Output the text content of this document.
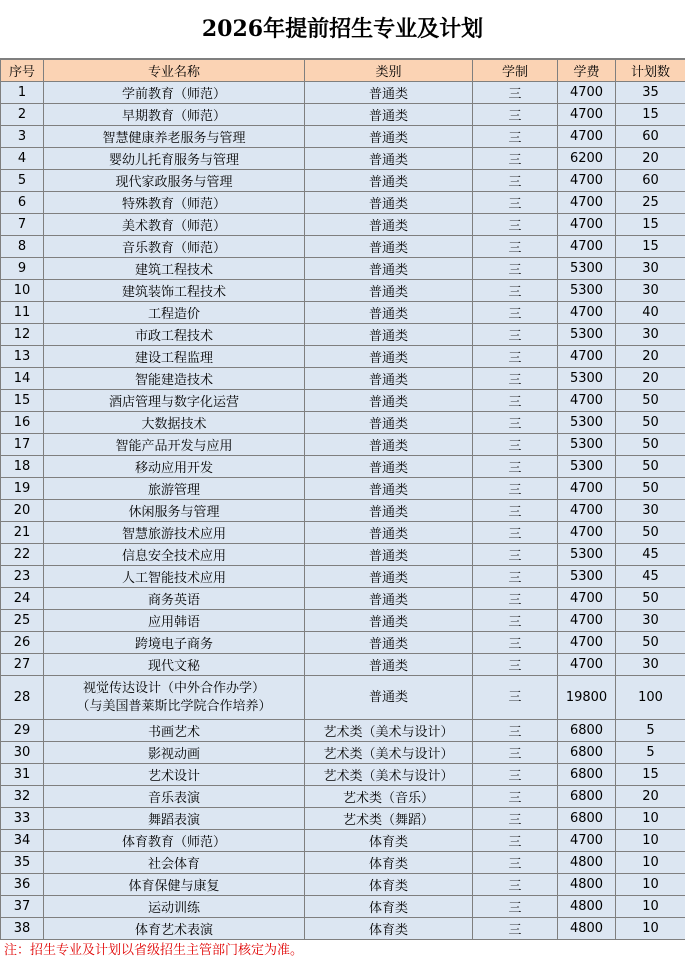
2026年提前招生专业及计划
序号	专业名称	类别	学制	学费	计划数
1	学前教育（师范）	普通类	三	4700	35
2	早期教育（师范）	普通类	三	4700	15
3	智慧健康养老服务与管理	普通类	三	4700	60
4	婴幼儿托育服务与管理	普通类	三	6200	20
5	现代家政服务与管理	普通类	三	4700	60
6	特殊教育（师范）	普通类	三	4700	25
7	美术教育（师范）	普通类	三	4700	15
8	音乐教育（师范）	普通类	三	4700	15
9	建筑工程技术	普通类	三	5300	30
10	建筑装饰工程技术	普通类	三	5300	30
11	工程造价	普通类	三	4700	40
12	市政工程技术	普通类	三	5300	30
13	建设工程监理	普通类	三	4700	20
14	智能建造技术	普通类	三	5300	20
15	酒店管理与数字化运营	普通类	三	4700	50
16	大数据技术	普通类	三	5300	50
17	智能产品开发与应用	普通类	三	5300	50
18	移动应用开发	普通类	三	5300	50
19	旅游管理	普通类	三	4700	50
20	休闲服务与管理	普通类	三	4700	30
21	智慧旅游技术应用	普通类	三	4700	50
22	信息安全技术应用	普通类	三	5300	45
23	人工智能技术应用	普通类	三	5300	45
24	商务英语	普通类	三	4700	50
25	应用韩语	普通类	三	4700	30
26	跨境电子商务	普通类	三	4700	50
27	现代文秘	普通类	三	4700	30
28	视觉传达设计（中外合作办学）
（与美国普莱斯比学院合作培养）	普通类	三	19800	100
29	书画艺术	艺术类（美术与设计）	三	6800	5
30	影视动画	艺术类（美术与设计）	三	6800	5
31	艺术设计	艺术类（美术与设计）	三	6800	15
32	音乐表演	艺术类（音乐）	三	6800	20
33	舞蹈表演	艺术类（舞蹈）	三	6800	10
34	体育教育（师范）	体育类	三	4700	10
35	社会体育	体育类	三	4800	10
36	体育保健与康复	体育类	三	4800	10
37	运动训练	体育类	三	4800	10
38	体育艺术表演	体育类	三	4800	10
注：招生专业及计划以省级招生主管部门核定为准。
